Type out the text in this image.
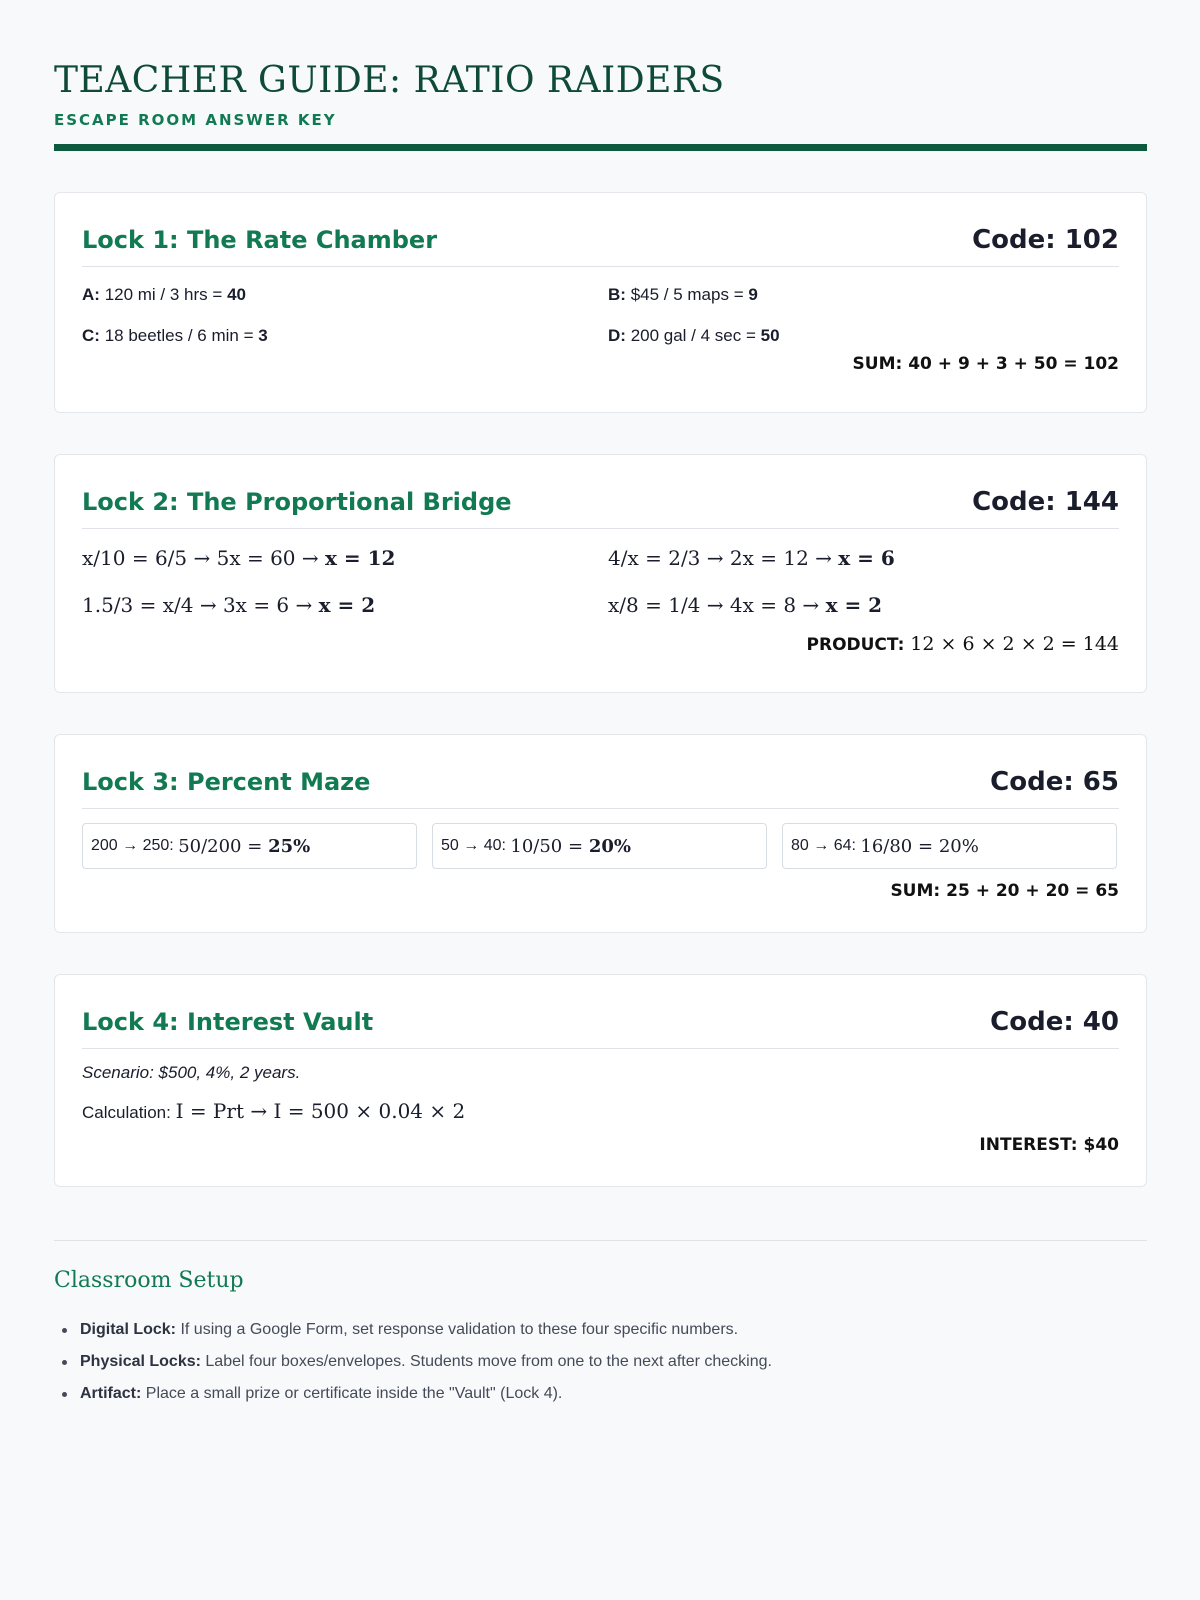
TEACHER GUIDE: RATIO RAIDERS
ESCAPE ROOM ANSWER KEY
Lock 1: The Rate Chamber	Code: 102
A: 120 mi / 3 hrs = 40	B: $45 / 5 maps = 9
C: 18 beetles / 6 min = 3	D: 200 gal / 4 sec = 50
SUM: 40 + 9 + 3 + 50 = 102
Lock 2: The Proportional Bridge	Code: 144
x/10 = 6/5 → 5x = 60 → x = 12	4/x = 2/3 → 2x = 12 → x = 6
1.5/3 = x/4 → 3x = 6 → x = 2	x/8 = 1/4 → 4x = 8 → x = 2
PRODUCT: 12 × 6 × 2 × 2 = 144
Lock 3: Percent Maze	Code: 65
200 → 250:
50/200 = 25%	50 → 40:
10/50 = 20%	80 → 64:
16/80 = 20%
SUM: 25 + 20 + 20 = 65
Lock 4: Interest Vault	Code: 40
Scenario: $500, 4%, 2 years.
Calculation: I = Prt → I = 500 × 0.04 × 2
INTEREST: $40
Classroom Setup
Digital Lock: If using a Google Form, set response validation to these four specific numbers.
Physical Locks: Label four boxes/envelopes. Students move from one to the next after checking.
Artifact: Place a small prize or certificate inside the "Vault" (Lock 4).
